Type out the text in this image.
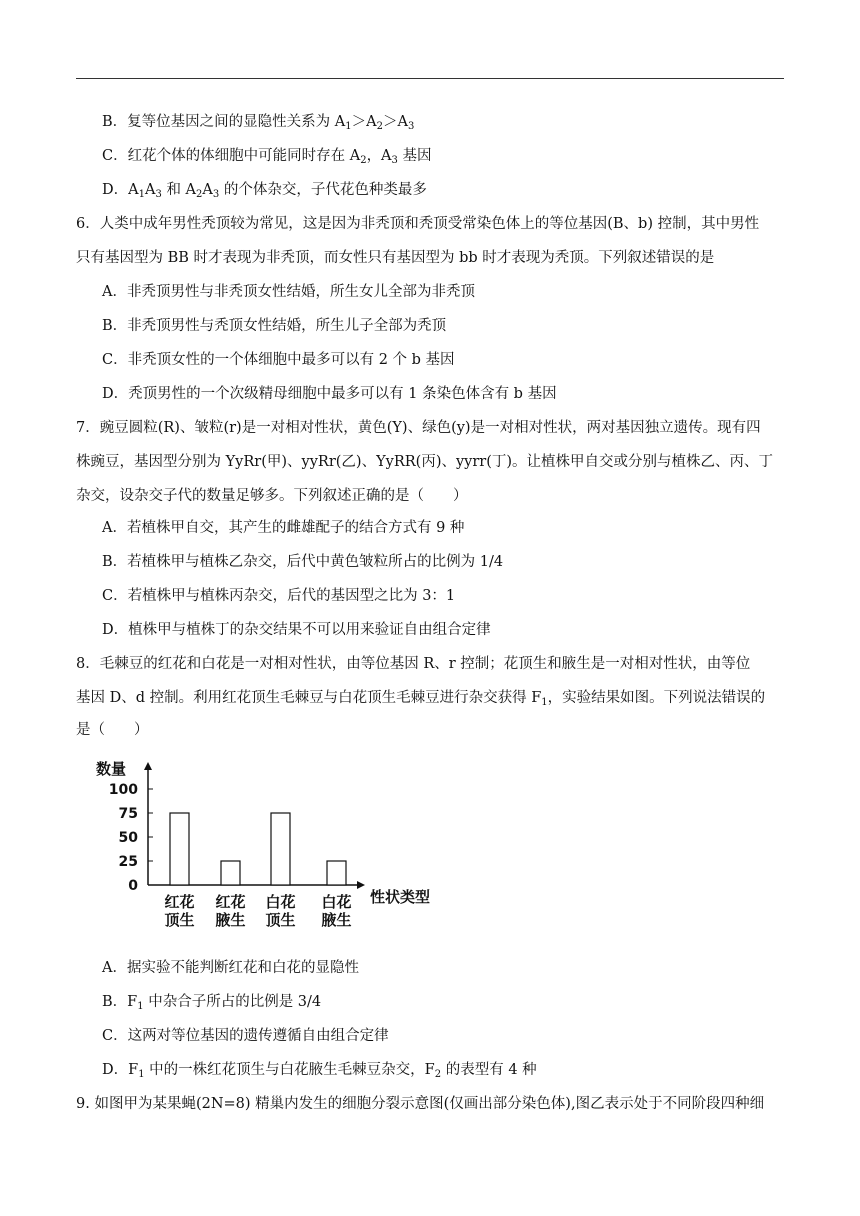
B．复等位基因之间的显隐性关系为 $A_1>A_2>A_3$
C．红花个体的体细胞中可能同时存在 $A_2$，$A_3$ 基因
D．$A_1A_3$ 和 $A_2A_3$ 的个体杂交，子代花色种类最多
6．人类中成年男性秃顶较为常见，这是因为非秃顶和秃顶受常染色体上的等位基因(B、b) 控制，其中男性
只有基因型为 BB 时才表现为非秃顶，而女性只有基因型为 bb 时才表现为秃顶。下列叙述错误的是
A．非秃顶男性与非秃顶女性结婚，所生女儿全部为非秃顶
B．非秃顶男性与秃顶女性结婚，所生儿子全部为秃顶
C．非秃顶女性的一个体细胞中最多可以有 2 个 b 基因
D．秃顶男性的一个次级精母细胞中最多可以有 1 条染色体含有 b 基因
7．豌豆圆粒(R)、皱粒(r)是一对相对性状，黄色(Y)、绿色(y)是一对相对性状，两对基因独立遗传。现有四
株豌豆，基因型分别为 YyRr(甲)、yyRr(乙)、YyRR(丙)、yyrr(丁)。让植株甲自交或分别与植株乙、丙、丁
杂交，设杂交子代的数量足够多。下列叙述正确的是（　　）
A．若植株甲自交，其产生的雌雄配子的结合方式有 9 种
B．若植株甲与植株乙杂交，后代中黄色皱粒所占的比例为 1/4
C．若植株甲与植株丙杂交，后代的基因型之比为 3：1
D．植株甲与植株丁的杂交结果不可以用来验证自由组合定律
8．毛棘豆的红花和白花是一对相对性状，由等位基因 R、r 控制；花顶生和腋生是一对相对性状，由等位
基因 D、d 控制。利用红花顶生毛棘豆与白花顶生毛棘豆进行杂交获得 $F_1$，实验结果如图。下列说法错误的
是（　　）
数量
性状类型
100
75
50
25
0
红花
顶生
红花
腋生
白花
顶生
白花
腋生
A．据实验不能判断红花和白花的显隐性
B．$F_1$ 中杂合子所占的比例是 3/4
C．这两对等位基因的遗传遵循自由组合定律
D．$F_1$ 中的一株红花顶生与白花腋生毛棘豆杂交，$F_2$ 的表型有 4 种
9. 如图甲为某果蝇(2N=8) 精巢内发生的细胞分裂示意图(仅画出部分染色体),图乙表示处于不同阶段四种细
